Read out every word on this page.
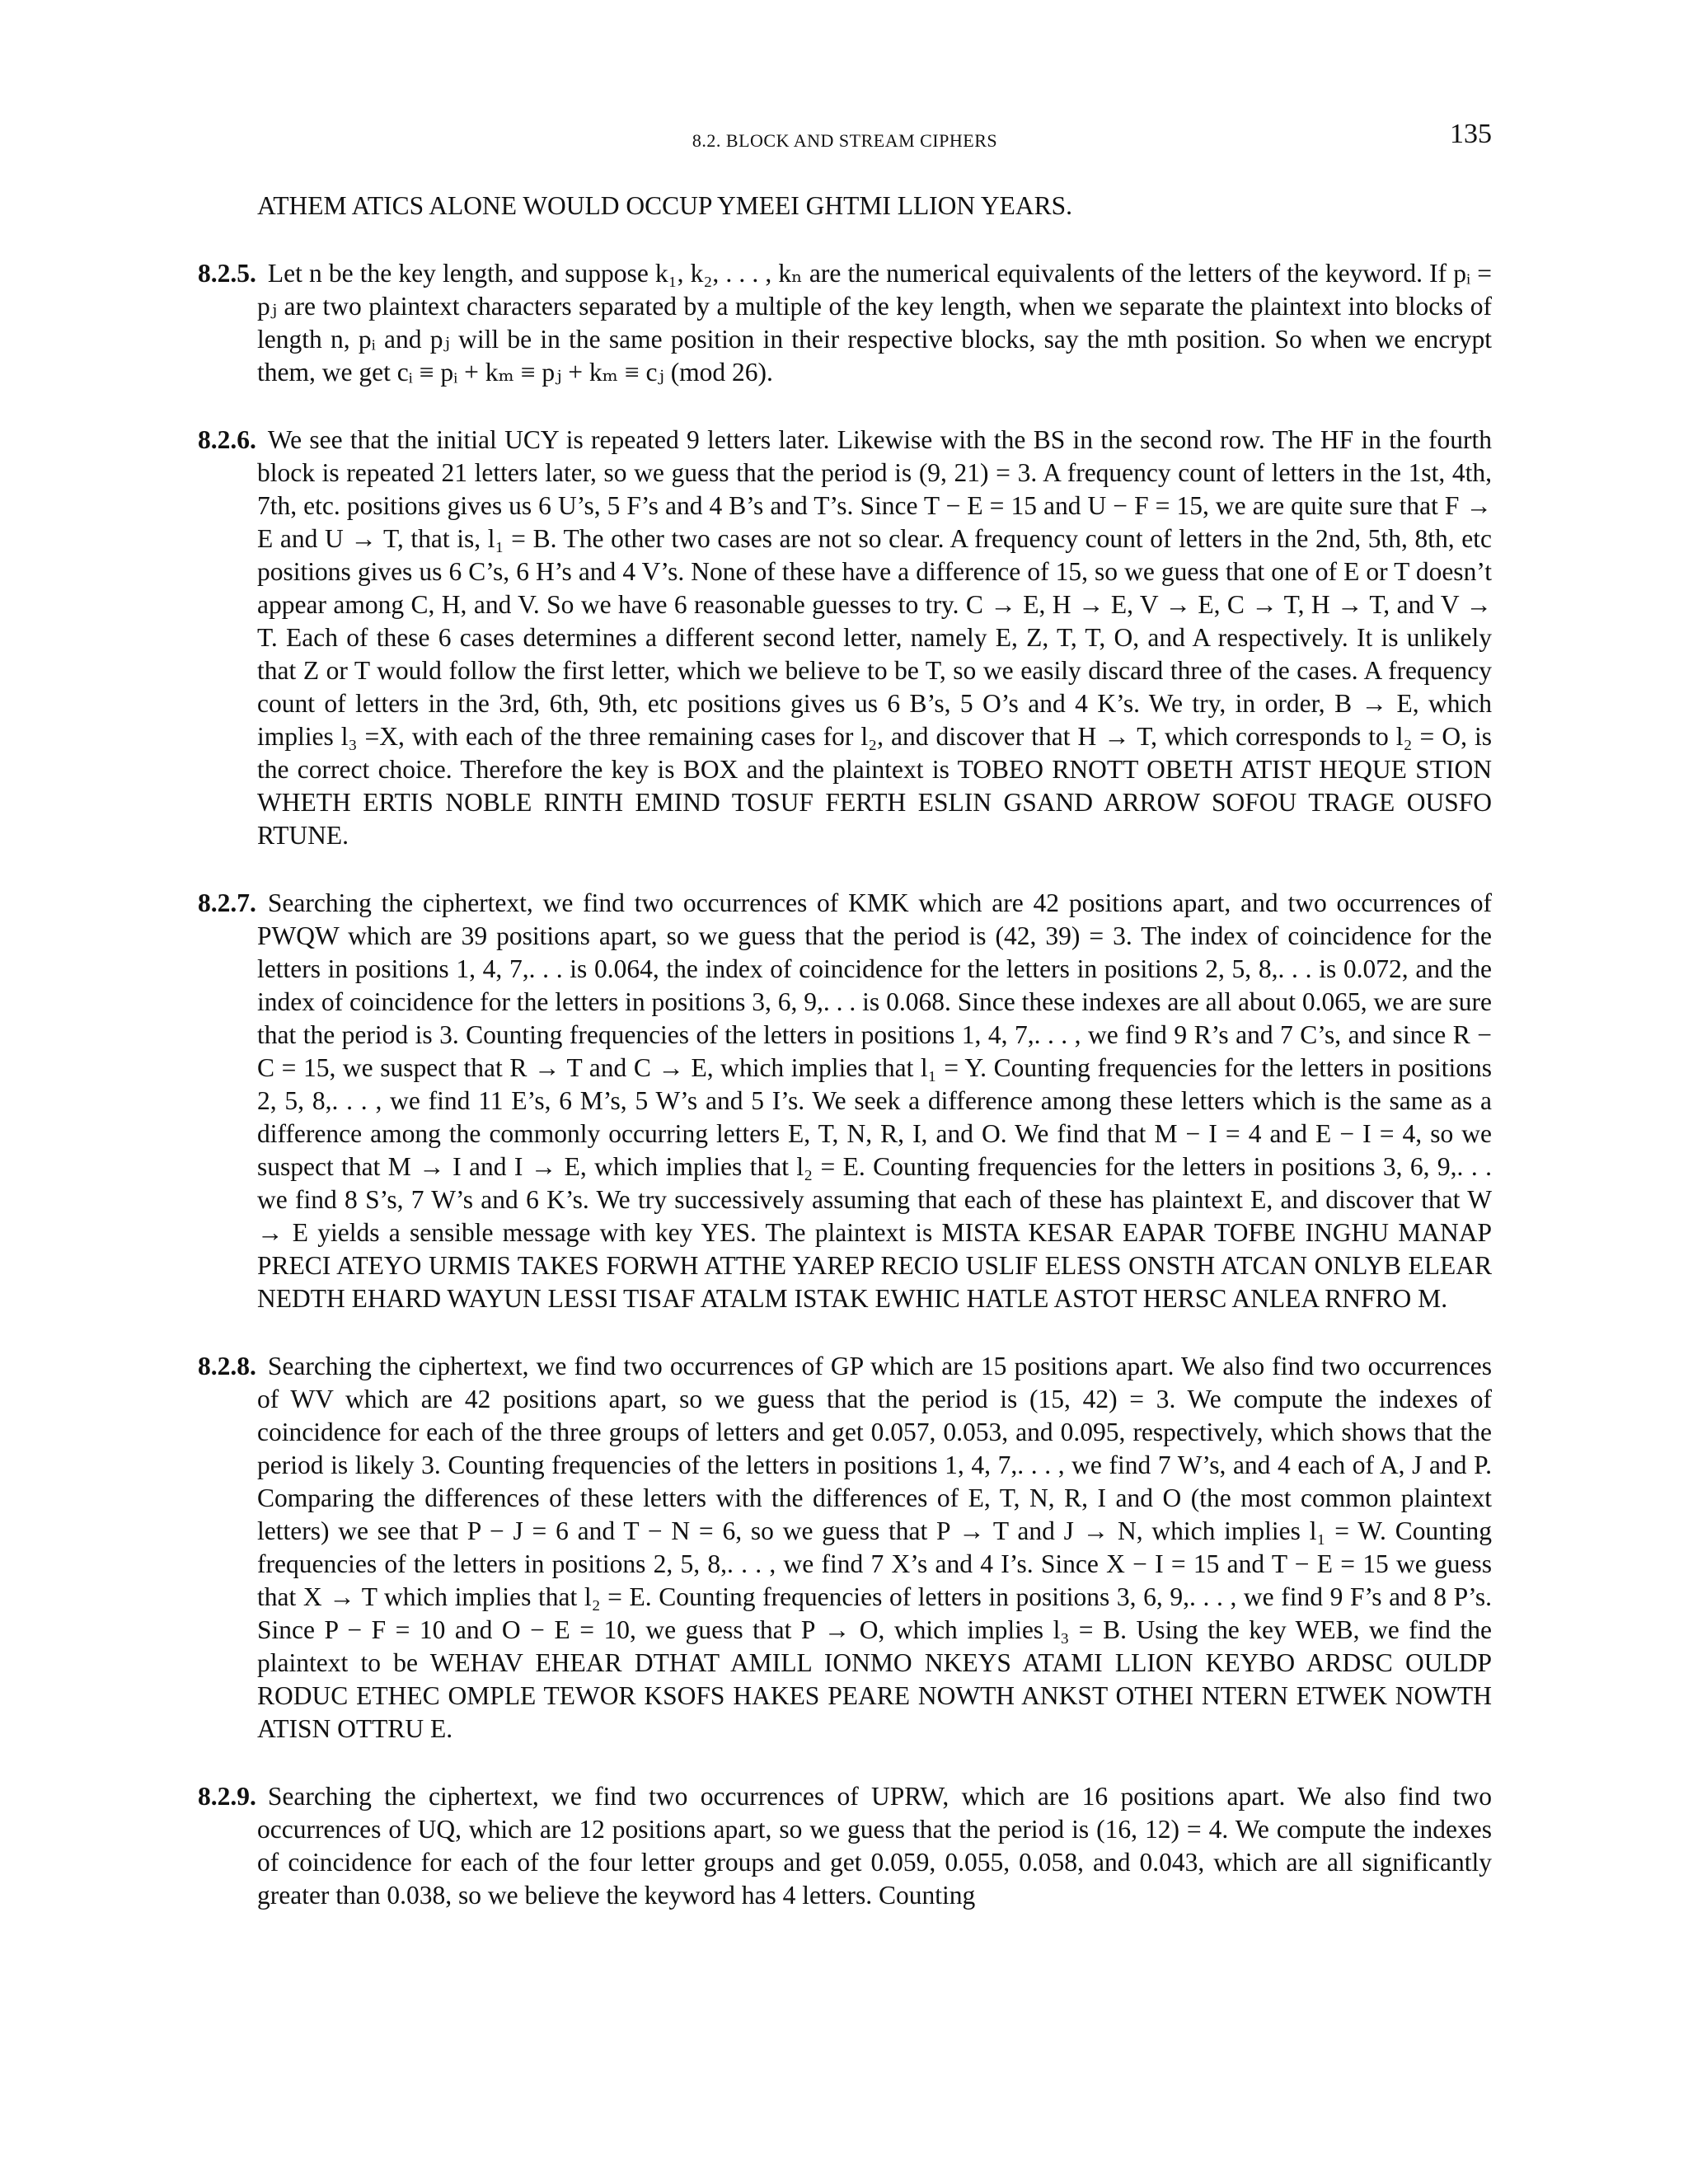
8.2. BLOCK AND STREAM CIPHERS	135

ATHEM ATICS ALONE WOULD OCCUP YMEEI GHTMI LLION YEARS.

8.2.5. Let n be the key length, and suppose k₁, k₂, . . . , kₙ are the numerical equivalents of the letters of the keyword. If pᵢ = pⱼ are two plaintext characters separated by a multiple of the key length, when we separate the plaintext into blocks of length n, pᵢ and pⱼ will be in the same position in their respective blocks, say the mth position. So when we encrypt them, we get cᵢ ≡ pᵢ + kₘ ≡ pⱼ + kₘ ≡ cⱼ (mod 26).

8.2.6. We see that the initial UCY is repeated 9 letters later. Likewise with the BS in the second row. The HF in the fourth block is repeated 21 letters later, so we guess that the period is (9, 21) = 3. A frequency count of letters in the 1st, 4th, 7th, etc. positions gives us 6 U’s, 5 F’s and 4 B’s and T’s. Since T − E = 15 and U − F = 15, we are quite sure that F → E and U → T, that is, l₁ = B. The other two cases are not so clear. A frequency count of letters in the 2nd, 5th, 8th, etc positions gives us 6 C’s, 6 H’s and 4 V’s. None of these have a difference of 15, so we guess that one of E or T doesn’t appear among C, H, and V. So we have 6 reasonable guesses to try. C → E, H → E, V → E, C → T, H → T, and V → T. Each of these 6 cases determines a different second letter, namely E, Z, T, T, O, and A respectively. It is unlikely that Z or T would follow the first letter, which we believe to be T, so we easily discard three of the cases. A frequency count of letters in the 3rd, 6th, 9th, etc positions gives us 6 B’s, 5 O’s and 4 K’s. We try, in order, B → E, which implies l₃ =X, with each of the three remaining cases for l₂, and discover that H → T, which corresponds to l₂ = O, is the correct choice. Therefore the key is BOX and the plaintext is TOBEO RNOTT OBETH ATIST HEQUE STION WHETH ERTIS NOBLE RINTH EMIND TOSUF FERTH ESLIN GSAND ARROW SOFOU TRAGE OUSFO RTUNE.

8.2.7. Searching the ciphertext, we find two occurrences of KMK which are 42 positions apart, and two occurrences of PWQW which are 39 positions apart, so we guess that the period is (42, 39) = 3. The index of coincidence for the letters in positions 1, 4, 7,. . . is 0.064, the index of coincidence for the letters in positions 2, 5, 8,. . . is 0.072, and the index of coincidence for the letters in positions 3, 6, 9,. . . is 0.068. Since these indexes are all about 0.065, we are sure that the period is 3. Counting frequencies of the letters in positions 1, 4, 7,. . . , we find 9 R’s and 7 C’s, and since R − C = 15, we suspect that R → T and C → E, which implies that l₁ = Y. Counting frequencies for the letters in positions 2, 5, 8,. . . , we find 11 E’s, 6 M’s, 5 W’s and 5 I’s. We seek a difference among these letters which is the same as a difference among the commonly occurring letters E, T, N, R, I, and O. We find that M − I = 4 and E − I = 4, so we suspect that M → I and I → E, which implies that l₂ = E. Counting frequencies for the letters in positions 3, 6, 9,. . . we find 8 S’s, 7 W’s and 6 K’s. We try successively assuming that each of these has plaintext E, and discover that W → E yields a sensible message with key YES. The plaintext is MISTA KESAR EAPAR TOFBE INGHU MANAP PRECI ATEYO URMIS TAKES FORWH ATTHE YAREP RECIO USLIF ELESS ONSTH ATCAN ONLYB ELEAR NEDTH EHARD WAYUN LESSI TISAF ATALM ISTAK EWHIC HATLE ASTOT HERSC ANLEA RNFRO M.

8.2.8. Searching the ciphertext, we find two occurrences of GP which are 15 positions apart. We also find two occurrences of WV which are 42 positions apart, so we guess that the period is (15, 42) = 3. We compute the indexes of coincidence for each of the three groups of letters and get 0.057, 0.053, and 0.095, respectively, which shows that the period is likely 3. Counting frequencies of the letters in positions 1, 4, 7,. . . , we find 7 W’s, and 4 each of A, J and P. Comparing the differences of these letters with the differences of E, T, N, R, I and O (the most common plaintext letters) we see that P − J = 6 and T − N = 6, so we guess that P → T and J → N, which implies l₁ = W. Counting frequencies of the letters in positions 2, 5, 8,. . . , we find 7 X’s and 4 I’s. Since X − I = 15 and T − E = 15 we guess that X → T which implies that l₂ = E. Counting frequencies of letters in positions 3, 6, 9,. . . , we find 9 F’s and 8 P’s. Since P − F = 10 and O − E = 10, we guess that P → O, which implies l₃ = B. Using the key WEB, we find the plaintext to be WEHAV EHEAR DTHAT AMILL IONMO NKEYS ATAMI LLION KEYBO ARDSC OULDP RODUC ETHEC OMPLE TEWOR KSOFS HAKES PEARE NOWTH ANKST OTHEI NTERN ETWEK NOWTH ATISN OTTRU E.

8.2.9. Searching the ciphertext, we find two occurrences of UPRW, which are 16 positions apart. We also find two occurrences of UQ, which are 12 positions apart, so we guess that the period is (16, 12) = 4. We compute the indexes of coincidence for each of the four letter groups and get 0.059, 0.055, 0.058, and 0.043, which are all significantly greater than 0.038, so we believe the keyword has 4 letters. Counting
